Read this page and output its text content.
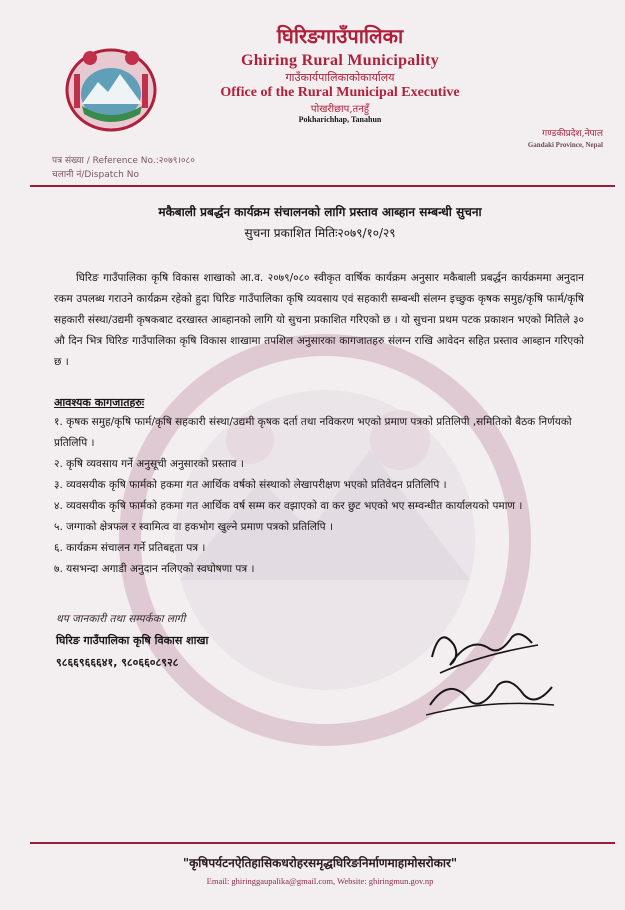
घिरिङगाउँपालिका
Ghiring Rural Municipality
गाउँकार्यपालिकाकोकार्यालय
Office of the Rural Municipal Executive
पोखरीछाप,तनहुँ
Pokharichhap, Tanahun
गण्डकीप्रदेश,नेपाल
Gandaki Province, Nepal
पत्र संख्या / Reference No.:२०७९।०८०
चलानी नं/Dispatch No
मकैबाली प्रबर्द्धन कार्यक्रम संचालनको लागि प्रस्ताव आब्हान सम्बन्धी सुचना
सुचना प्रकाशित मितिः२०७९/१०/२९
घिरिङ गाउँपालिका कृषि विकास शाखाको आ.व. २०७९/०८० स्वीकृत वार्षिक कार्यक्रम अनुसार मकैबाली प्रबर्द्धन कार्यक्रममा अनुदान रकम उपलब्ध गराउने कार्यक्रम रहेको हुदा घिरिङ गाउँपालिका कृषि व्यवसाय एवं सहकारी सम्बन्धी संलग्न इच्छुक कृषक समुह/कृषि फार्म/कृषि सहकारी संस्था/उद्यमी कृषकबाट दरखास्त आब्हानको लागि यो सुचना प्रकाशित गरिएको छ । यो सुचना प्रथम पटक प्रकाशन भएको मितिले ३० औ दिन भित्र घिरिङ गाउँपालिका कृषि विकास शाखामा तपशिल अनुसारका कागजातहरु संलग्न राखि आवेदन सहित प्रस्ताव आब्हान गरिएको छ ।
आवश्यक कागजातहरुः
१. कृषक समुह/कृषि फार्म/कृषि सहकारी संस्था/उद्यमी कृषक दर्ता तथा नविकरण भएको प्रमाण पत्रको प्रतिलिपी ,समितिको बैठक निर्णयको प्रतिलिपि ।
२. कृषि व्यवसाय गर्ने अनुसूची अनुसारको प्रस्ताव ।
३. व्यवसयीक कृषि फार्मको हकमा गत आर्थिक वर्षको संस्थाको लेखापरीक्षण भएको प्रतिवेदन प्रतिलिपि ।
४. व्यवसयीक कृषि फार्मको हकमा गत आर्थिक वर्ष सम्म कर वझाएको वा कर छुट भएको भए सम्वन्धीत कार्यालयको पमाण ।
५. जग्गाको क्षेत्रफल र स्वामित्व वा हकभोग खुल्ने प्रमाण पत्रको प्रतिलिपि ।
६. कार्यक्रम संचालन गर्ने प्रतिबद्दता पत्र ।
७. यसभन्दा अगाडी अनुदान नलिएको स्वघोषणा पत्र ।
थप जानकारी तथा सम्पर्कका लागी
घिरिङ गाउँपालिका कृषि विकास शाखा
९८६६९६६६४१, ९८०६६०८९२८
"कृषिपर्यटनऐतिहासिकधरोहरसमृद्धघिरिङनिर्माणमाहामोसरोकार"
Email: ghiringgaupalika@gmail.com, Website: ghiringmun.gov.np
